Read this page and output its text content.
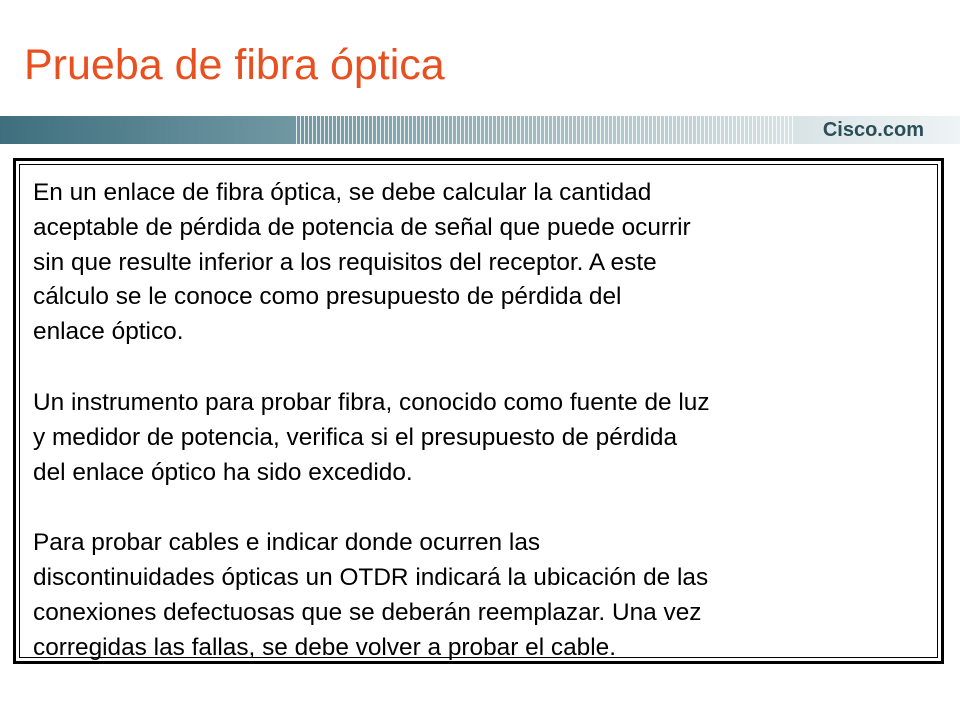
Prueba de fibra óptica
Cisco.com

En un enlace de fibra óptica, se debe calcular la cantidad
aceptable de pérdida de potencia de señal que puede ocurrir
sin que resulte inferior a los requisitos del receptor. A este
cálculo se le conoce como presupuesto de pérdida del
enlace óptico.

Un instrumento para probar fibra, conocido como fuente de luz
y medidor de potencia, verifica si el presupuesto de pérdida
del enlace óptico ha sido excedido.

Para probar cables e indicar donde ocurren las
discontinuidades ópticas un OTDR indicará la ubicación de las
conexiones defectuosas que se deberán reemplazar. Una vez
corregidas las fallas, se debe volver a probar el cable.
